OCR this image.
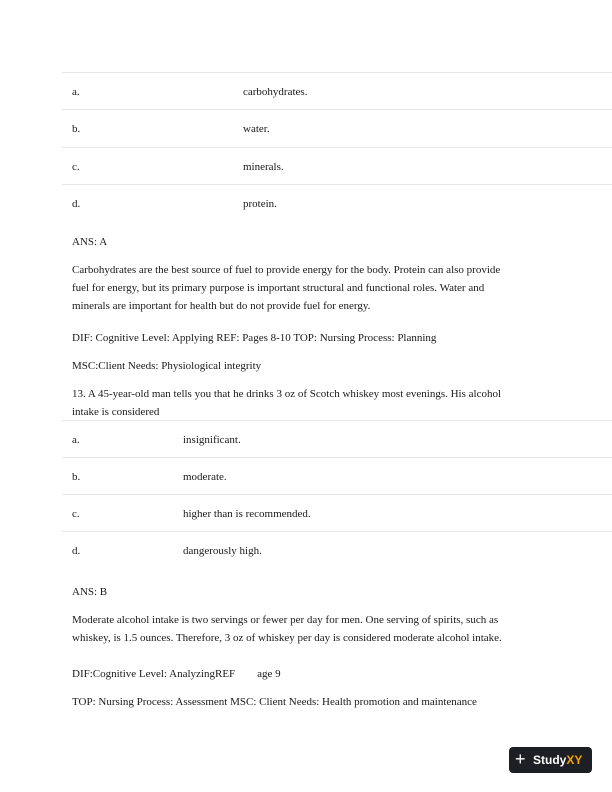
a.	carbohydrates.
b.	water.
c.	minerals.
d.	protein.
ANS: A
Carbohydrates are the best source of fuel to provide energy for the body. Protein can also provide
fuel for energy, but its primary purpose is important structural and functional roles. Water and
minerals are important for health but do not provide fuel for energy.
DIF: Cognitive Level: Applying REF: Pages 8-10 TOP: Nursing Process: Planning
MSC:Client Needs: Physiological integrity
13. A 45-year-old man tells you that he drinks 3 oz of Scotch whiskey most evenings. His alcohol
intake is considered
a.	insignificant.
b.	moderate.
c.	higher than is recommended.
d.	dangerously high.
ANS: B
Moderate alcohol intake is two servings or fewer per day for men. One serving of spirits, such as
whiskey, is 1.5 ounces. Therefore, 3 oz of whiskey per day is considered moderate alcohol intake.
DIF:Cognitive Level: AnalyzingREF        age 9
TOP: Nursing Process: Assessment MSC: Client Needs: Health promotion and maintenance
+ StudyXY
